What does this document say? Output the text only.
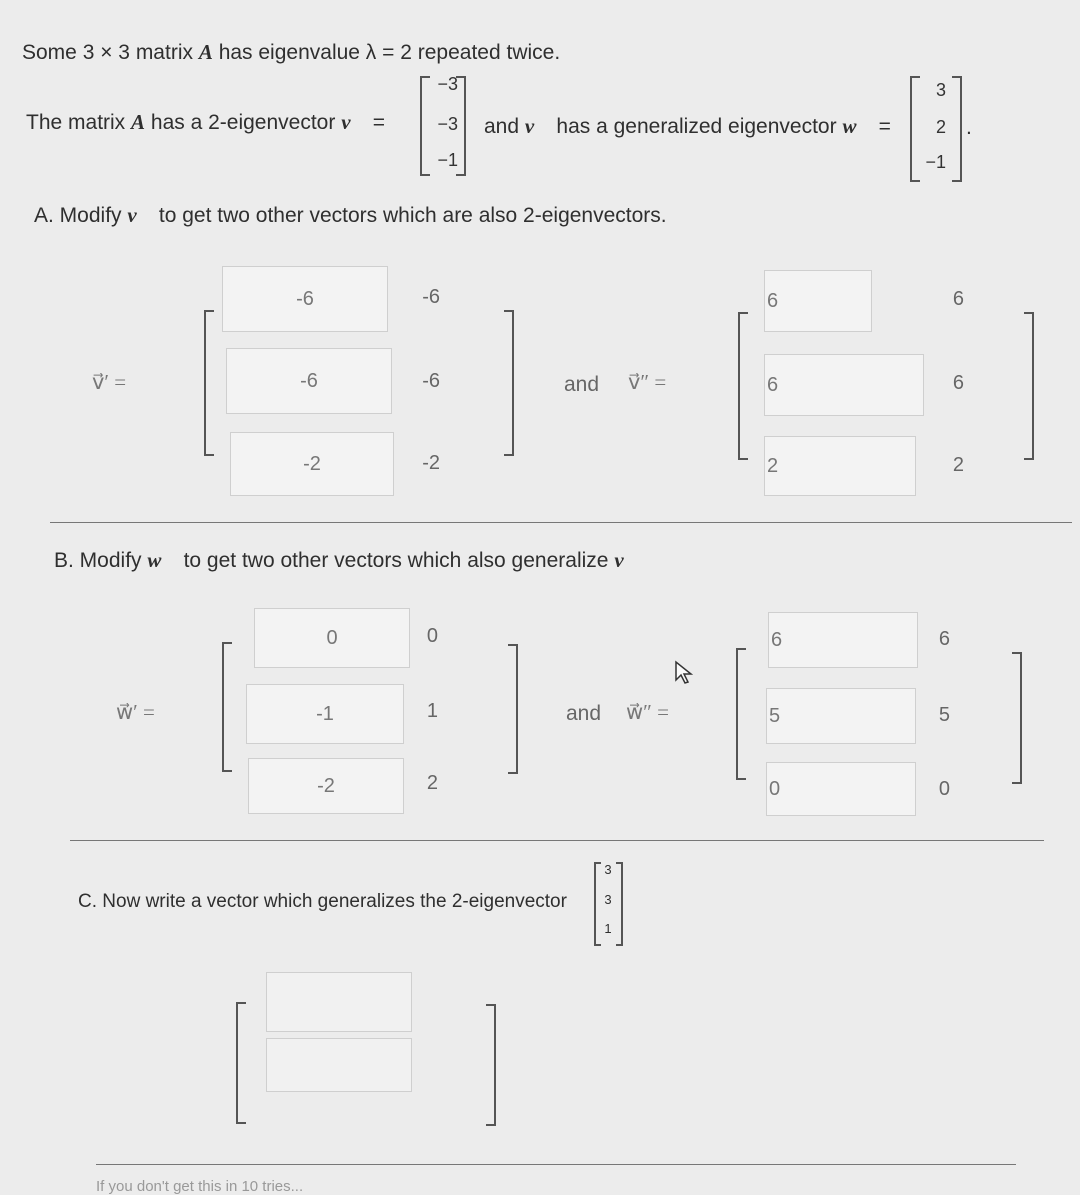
Some 3 × 3 matrix A has eigenvalue λ = 2 repeated twice.
The matrix A has a 2-eigenvector v⃗ =
−3
−3
−1
and v⃗ has a generalized eigenvector w⃗ =
3
2
−1
.
A. Modify v⃗ to get two other vectors which are also 2-eigenvectors.
v⃗′ =
-6
-6
-2
-6
-6
-2
and v⃗″ =
6
6
2
6
6
2
B. Modify w⃗ to get two other vectors which also generalize v⃗
w⃗′ =
0
-1
-2
0
1
2
and w⃗″ =
6
5
0
6
5
0
C. Now write a vector which generalizes the 2-eigenvector
3
3
1
If you don't get this in 10 tries...
